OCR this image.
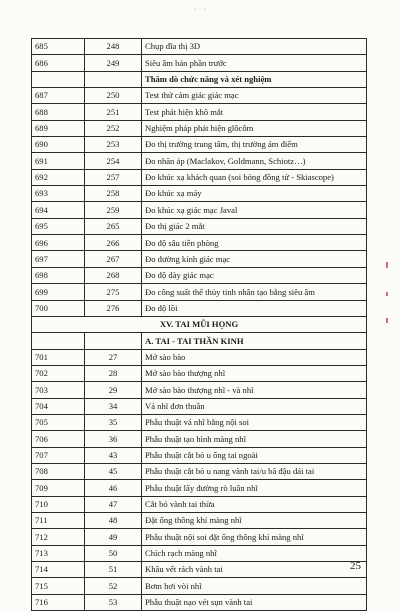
‹ · ›
685	248	Chụp đĩa thị 3D
686	249	Siêu âm bán phần trước
		Thăm dò chức năng và xét nghiệm
687	250	Test thử cảm giác giác mạc
688	251	Test phát hiện khô mắt
689	252	Nghiệm pháp phát hiện glôcôm
690	253	Đo thị trường trung tâm, thị trường ám điểm
691	254	Đo nhãn áp (Maclakov, Goldmann, Schiotz…)
692	257	Đo khúc xạ khách quan (soi bóng đồng tử - Skiascope)
693	258	Đo khúc xạ máy
694	259	Đo khúc xạ giác mạc Javal
695	265	Đo thị giác 2 mắt
696	266	Đo độ sâu tiền phòng
697	267	Đo đường kính giác mạc
698	268	Đo độ dày giác mạc
699	275	Đo công suất thể thủy tinh nhân tạo bằng siêu âm
700	276	Đo độ lồi
XV. TAI MŨI HỌNG		
		A. TAI - TAI THẦN KINH
701	27	Mở sào bào
702	28	Mở sào bào thượng nhĩ
703	29	Mở sào bào thượng nhĩ - và nhĩ
704	34	Vá nhĩ đơn thuần
705	35	Phẫu thuật vá nhĩ bằng nội soi
706	36	Phẫu thuật tạo hình màng nhĩ
707	43	Phẫu thuật cắt bỏ u ống tai ngoài
708	45	Phẫu thuật cắt bỏ u nang vành tai/u bã đậu dái tai
709	46	Phẫu thuật lấy đường rò luân nhĩ
710	47	Cắt bỏ vành tai thừa
711	48	Đặt ống thông khí màng nhĩ
712	49	Phẫu thuật nội soi đặt ống thông khí màng nhĩ
713	50	Chích rạch màng nhĩ
714	51	Khâu vết rách vành tai
715	52	Bơm hơi vòi nhĩ
716	53	Phẫu thuật nạo vét sụn vành tai
25
